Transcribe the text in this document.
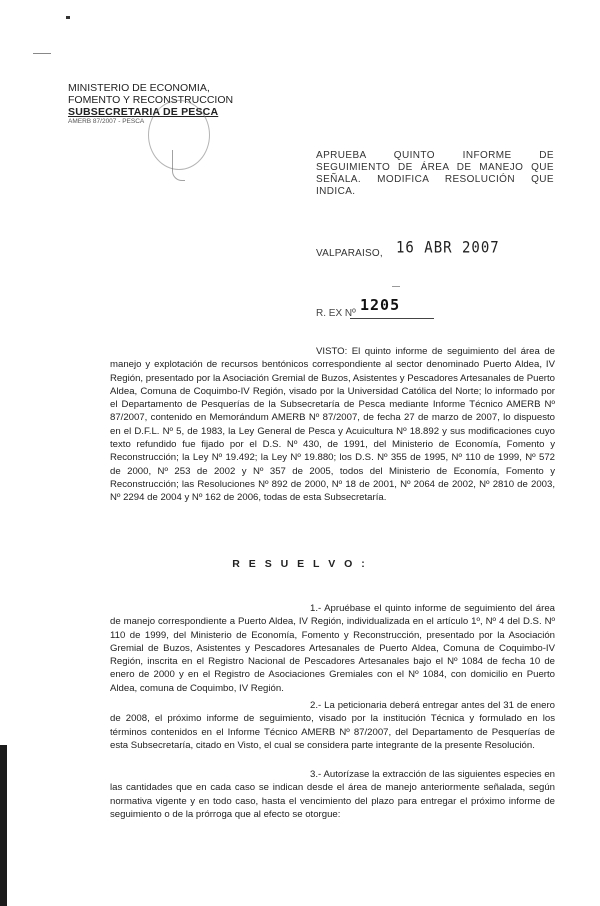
MINISTERIO DE ECONOMIA,
FOMENTO Y RECONSTRUCCION
SUBSECRETARIA DE PESCA
AMERB 87/2007 - PESCA
APRUEBA QUINTO INFORME DE SEGUIMIENTO DE ÁREA DE MANEJO QUE SEÑALA. MODIFICA RESOLUCIÓN QUE INDICA.
VALPARAISO, 16 ABR 2007
R. EX Nº 1205
VISTO: El quinto informe de seguimiento del área de manejo y explotación de recursos bentónicos correspondiente al sector denominado Puerto Aldea, IV Región, presentado por la Asociación Gremial de Buzos, Asistentes y Pescadores Artesanales de Puerto Aldea, Comuna de Coquimbo-IV Región, visado por la Universidad Católica del Norte; lo informado por el Departamento de Pesquerías de la Subsecretaría de Pesca mediante Informe Técnico AMERB Nº 87/2007, contenido en Memorándum AMERB Nº 87/2007, de fecha 27 de marzo de 2007, lo dispuesto en el D.F.L. Nº 5, de 1983, la Ley General de Pesca y Acuicultura Nº 18.892 y sus modificaciones cuyo texto refundido fue fijado por el D.S. Nº 430, de 1991, del Ministerio de Economía, Fomento y Reconstrucción; la Ley Nº 19.492; la Ley Nº 19.880; los D.S. Nº 355 de 1995, Nº 110 de 1999, Nº 572 de 2000, Nº 253 de 2002 y Nº 357 de 2005, todos del Ministerio de Economía, Fomento y Reconstrucción; las Resoluciones Nº 892 de 2000, Nº 18 de 2001, Nº 2064 de 2002, Nº 2810 de 2003, Nº 2294 de 2004 y Nº 162 de 2006, todas de esta Subsecretaría.
R E S U E L V O :
1.- Apruébase el quinto informe de seguimiento del área de manejo correspondiente a Puerto Aldea, IV Región, individualizada en el artículo 1º, Nº 4 del D.S. Nº 110 de 1999, del Ministerio de Economía, Fomento y Reconstrucción, presentado por la Asociación Gremial de Buzos, Asistentes y Pescadores Artesanales de Puerto Aldea, Comuna de Coquimbo-IV Región, inscrita en el Registro Nacional de Pescadores Artesanales bajo el Nº 1084 de fecha 10 de enero de 2000 y en el Registro de Asociaciones Gremiales con el Nº 1084, con domicilio en Puerto Aldea, comuna de Coquimbo, IV Región.
2.- La peticionaria deberá entregar antes del 31 de enero de 2008, el próximo informe de seguimiento, visado por la institución Técnica y formulado en los términos contenidos en el Informe Técnico AMERB Nº 87/2007, del Departamento de Pesquerías de esta Subsecretaría, citado en Visto, el cual se considera parte integrante de la presente Resolución.
3.- Autorízase la extracción de las siguientes especies en las cantidades que en cada caso se indican desde el área de manejo anteriormente señalada, según normativa vigente y en todo caso, hasta el vencimiento del plazo para entregar el próximo informe de seguimiento o de la prórroga que al efecto se otorgue:
